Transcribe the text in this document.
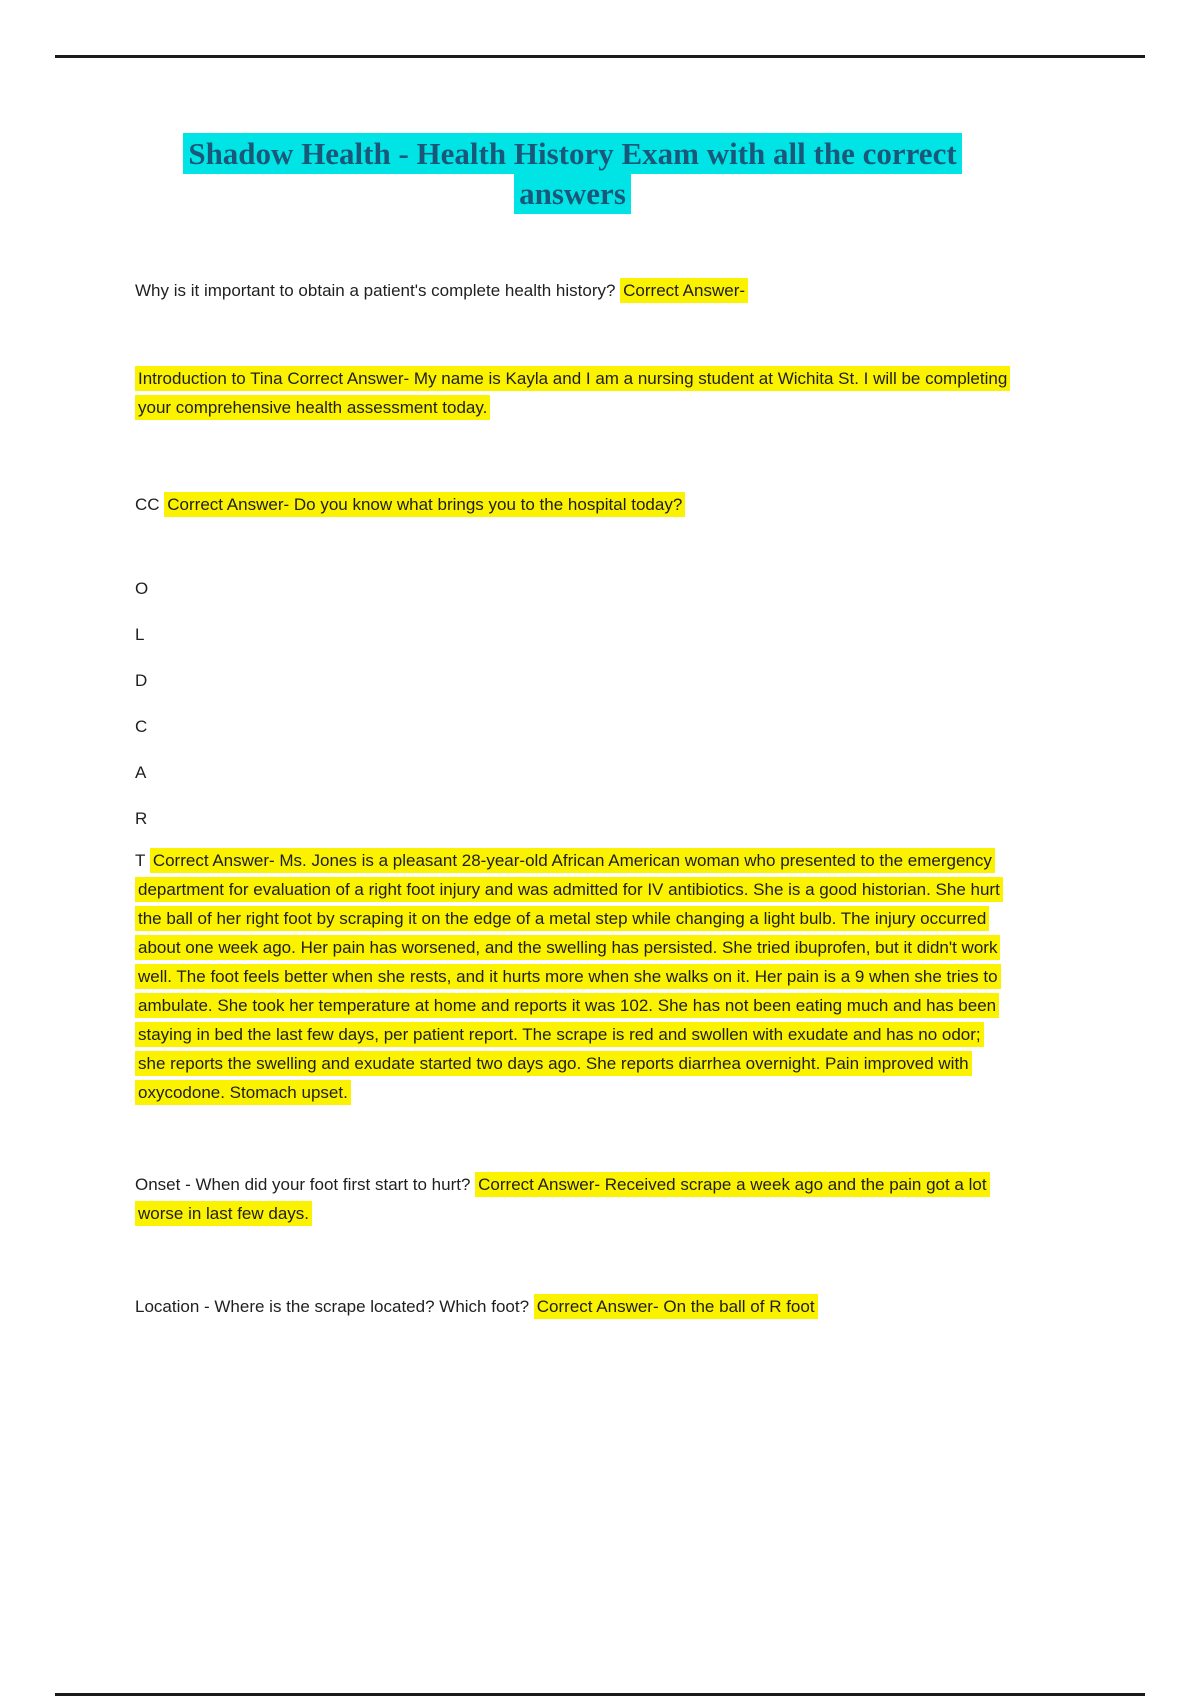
Shadow Health - Health History Exam with all the correct
answers

Why is it important to obtain a patient's complete health history? Correct Answer-

Introduction to Tina Correct Answer- My name is Kayla and I am a nursing student at Wichita St. I will be completing your comprehensive health assessment today.

CC Correct Answer- Do you know what brings you to the hospital today?

O
L
D
C
A
R

T Correct Answer- Ms. Jones is a pleasant 28-year-old African American woman who presented to the emergency department for evaluation of a right foot injury and was admitted for IV antibiotics. She is a good historian. She hurt the ball of her right foot by scraping it on the edge of a metal step while changing a light bulb. The injury occurred about one week ago. Her pain has worsened, and the swelling has persisted. She tried ibuprofen, but it didn't work well. The foot feels better when she rests, and it hurts more when she walks on it. Her pain is a 9 when she tries to ambulate. She took her temperature at home and reports it was 102. She has not been eating much and has been staying in bed the last few days, per patient report. The scrape is red and swollen with exudate and has no odor; she reports the swelling and exudate started two days ago. She reports diarrhea overnight. Pain improved with oxycodone. Stomach upset.

Onset - When did your foot first start to hurt? Correct Answer- Received scrape a week ago and the pain got a lot worse in last few days.

Location - Where is the scrape located? Which foot? Correct Answer- On the ball of R foot
